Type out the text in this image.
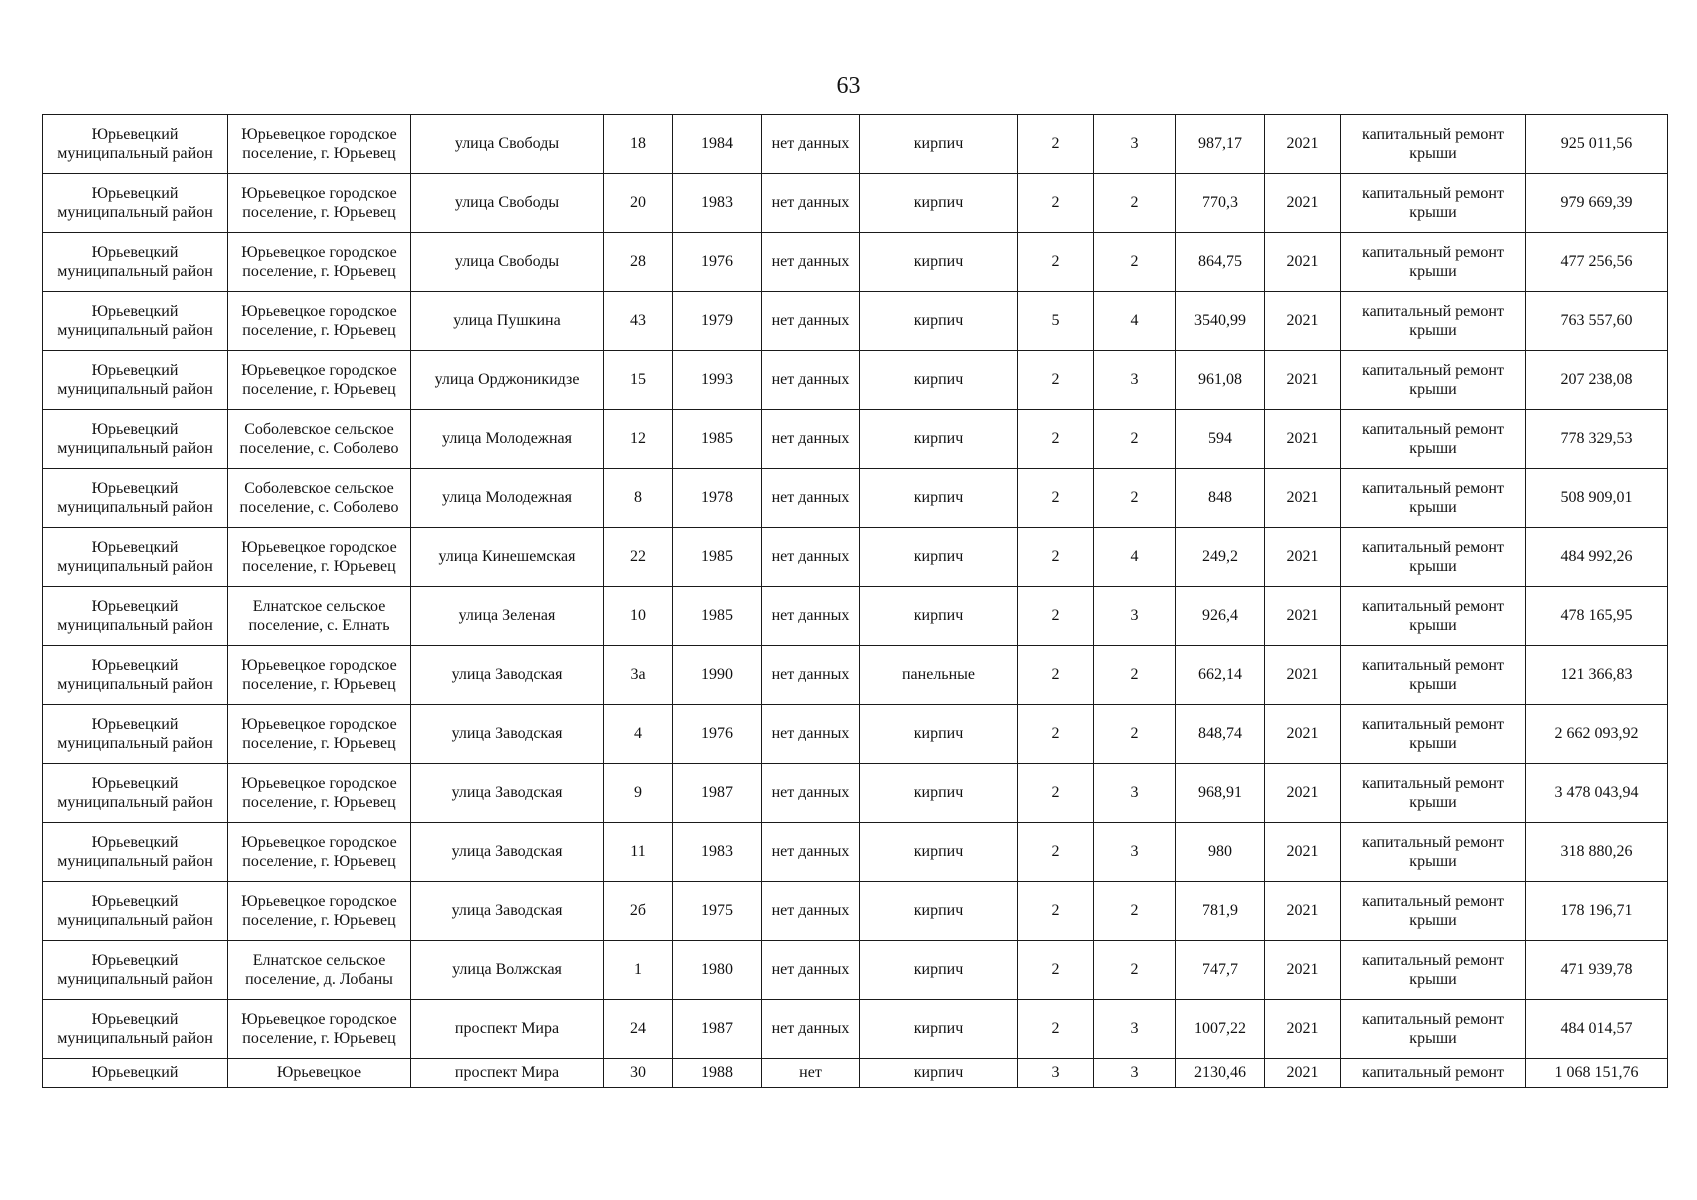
63
Юрьевецкий муниципальный район	Юрьевецкое городское поселение, г. Юрьевец	улица Свободы	18	1984	нет данных	кирпич	2	3	987,17	2021	капитальный ремонт крыши	925 011,56
Юрьевецкий муниципальный район	Юрьевецкое городское поселение, г. Юрьевец	улица Свободы	20	1983	нет данных	кирпич	2	2	770,3	2021	капитальный ремонт крыши	979 669,39
Юрьевецкий муниципальный район	Юрьевецкое городское поселение, г. Юрьевец	улица Свободы	28	1976	нет данных	кирпич	2	2	864,75	2021	капитальный ремонт крыши	477 256,56
Юрьевецкий муниципальный район	Юрьевецкое городское поселение, г. Юрьевец	улица Пушкина	43	1979	нет данных	кирпич	5	4	3540,99	2021	капитальный ремонт крыши	763 557,60
Юрьевецкий муниципальный район	Юрьевецкое городское поселение, г. Юрьевец	улица Орджоникидзе	15	1993	нет данных	кирпич	2	3	961,08	2021	капитальный ремонт крыши	207 238,08
Юрьевецкий муниципальный район	Соболевское сельское поселение, с. Соболево	улица Молодежная	12	1985	нет данных	кирпич	2	2	594	2021	капитальный ремонт крыши	778 329,53
Юрьевецкий муниципальный район	Соболевское сельское поселение, с. Соболево	улица Молодежная	8	1978	нет данных	кирпич	2	2	848	2021	капитальный ремонт крыши	508 909,01
Юрьевецкий муниципальный район	Юрьевецкое городское поселение, г. Юрьевец	улица Кинешемская	22	1985	нет данных	кирпич	2	4	249,2	2021	капитальный ремонт крыши	484 992,26
Юрьевецкий муниципальный район	Елнатское сельское поселение, с. Елнать	улица Зеленая	10	1985	нет данных	кирпич	2	3	926,4	2021	капитальный ремонт крыши	478 165,95
Юрьевецкий муниципальный район	Юрьевецкое городское поселение, г. Юрьевец	улица Заводская	3а	1990	нет данных	панельные	2	2	662,14	2021	капитальный ремонт крыши	121 366,83
Юрьевецкий муниципальный район	Юрьевецкое городское поселение, г. Юрьевец	улица Заводская	4	1976	нет данных	кирпич	2	2	848,74	2021	капитальный ремонт крыши	2 662 093,92
Юрьевецкий муниципальный район	Юрьевецкое городское поселение, г. Юрьевец	улица Заводская	9	1987	нет данных	кирпич	2	3	968,91	2021	капитальный ремонт крыши	3 478 043,94
Юрьевецкий муниципальный район	Юрьевецкое городское поселение, г. Юрьевец	улица Заводская	11	1983	нет данных	кирпич	2	3	980	2021	капитальный ремонт крыши	318 880,26
Юрьевецкий муниципальный район	Юрьевецкое городское поселение, г. Юрьевец	улица Заводская	2б	1975	нет данных	кирпич	2	2	781,9	2021	капитальный ремонт крыши	178 196,71
Юрьевецкий муниципальный район	Елнатское сельское поселение, д. Лобаны	улица Волжская	1	1980	нет данных	кирпич	2	2	747,7	2021	капитальный ремонт крыши	471 939,78
Юрьевецкий муниципальный район	Юрьевецкое городское поселение, г. Юрьевец	проспект Мира	24	1987	нет данных	кирпич	2	3	1007,22	2021	капитальный ремонт крыши	484 014,57
Юрьевецкий	Юрьевецкое	проспект Мира	30	1988	нет	кирпич	3	3	2130,46	2021	капитальный ремонт	1 068 151,76
